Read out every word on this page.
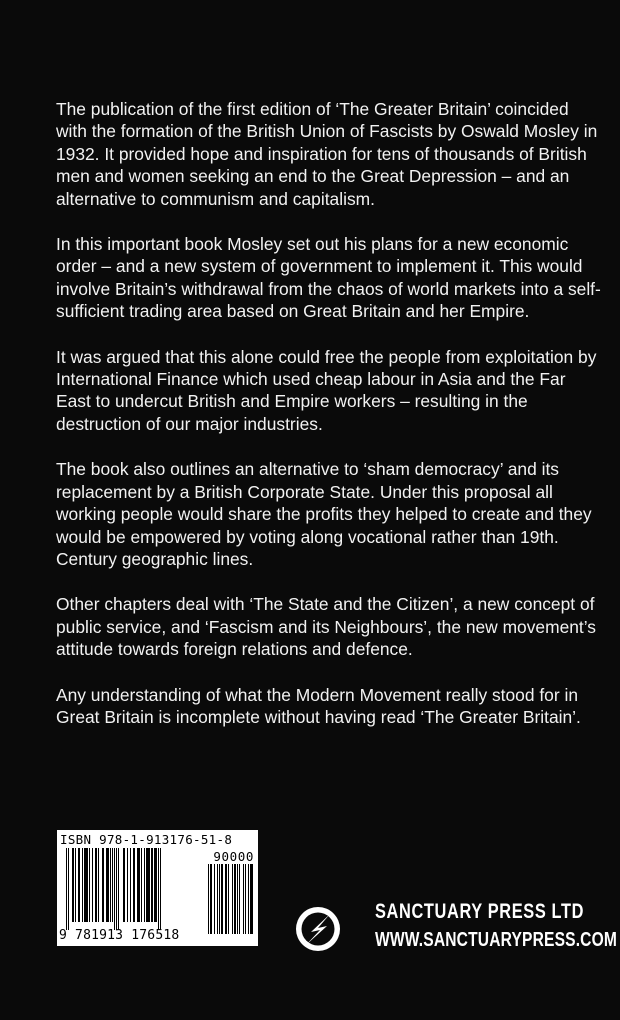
The publication of the first edition of ‘The Greater Britain’ coincided with the formation of the British Union of Fascists by Oswald Mosley in 1932. It provided hope and inspiration for tens of thousands of British men and women seeking an end to the Great Depression – and an alternative to communism and capitalism.

In this important book Mosley set out his plans for a new economic order – and a new system of government to implement it. This would involve Britain’s withdrawal from the chaos of world markets into a self-sufficient trading area based on Great Britain and her Empire.

It was argued that this alone could free the people from exploitation by International Finance which used cheap labour in Asia and the Far East to undercut British and Empire workers – resulting in the destruction of our major industries.

The book also outlines an alternative to ‘sham democracy’ and its replacement by a British Corporate State. Under this proposal all working people would share the profits they helped to create and they would be empowered by voting along vocational rather than 19th. Century geographic lines.

Other chapters deal with ‘The State and the Citizen’, a new concept of public service, and ‘Fascism and its Neighbours’, the new movement’s attitude towards foreign relations and defence.

Any understanding of what the Modern Movement really stood for in Great Britain is incomplete without having read ‘The Greater Britain’.

ISBN 978-1-913176-51-8
90000
9 781913 176518
SANCTUARY PRESS LTD
WWW.SANCTUARYPRESS.COM
